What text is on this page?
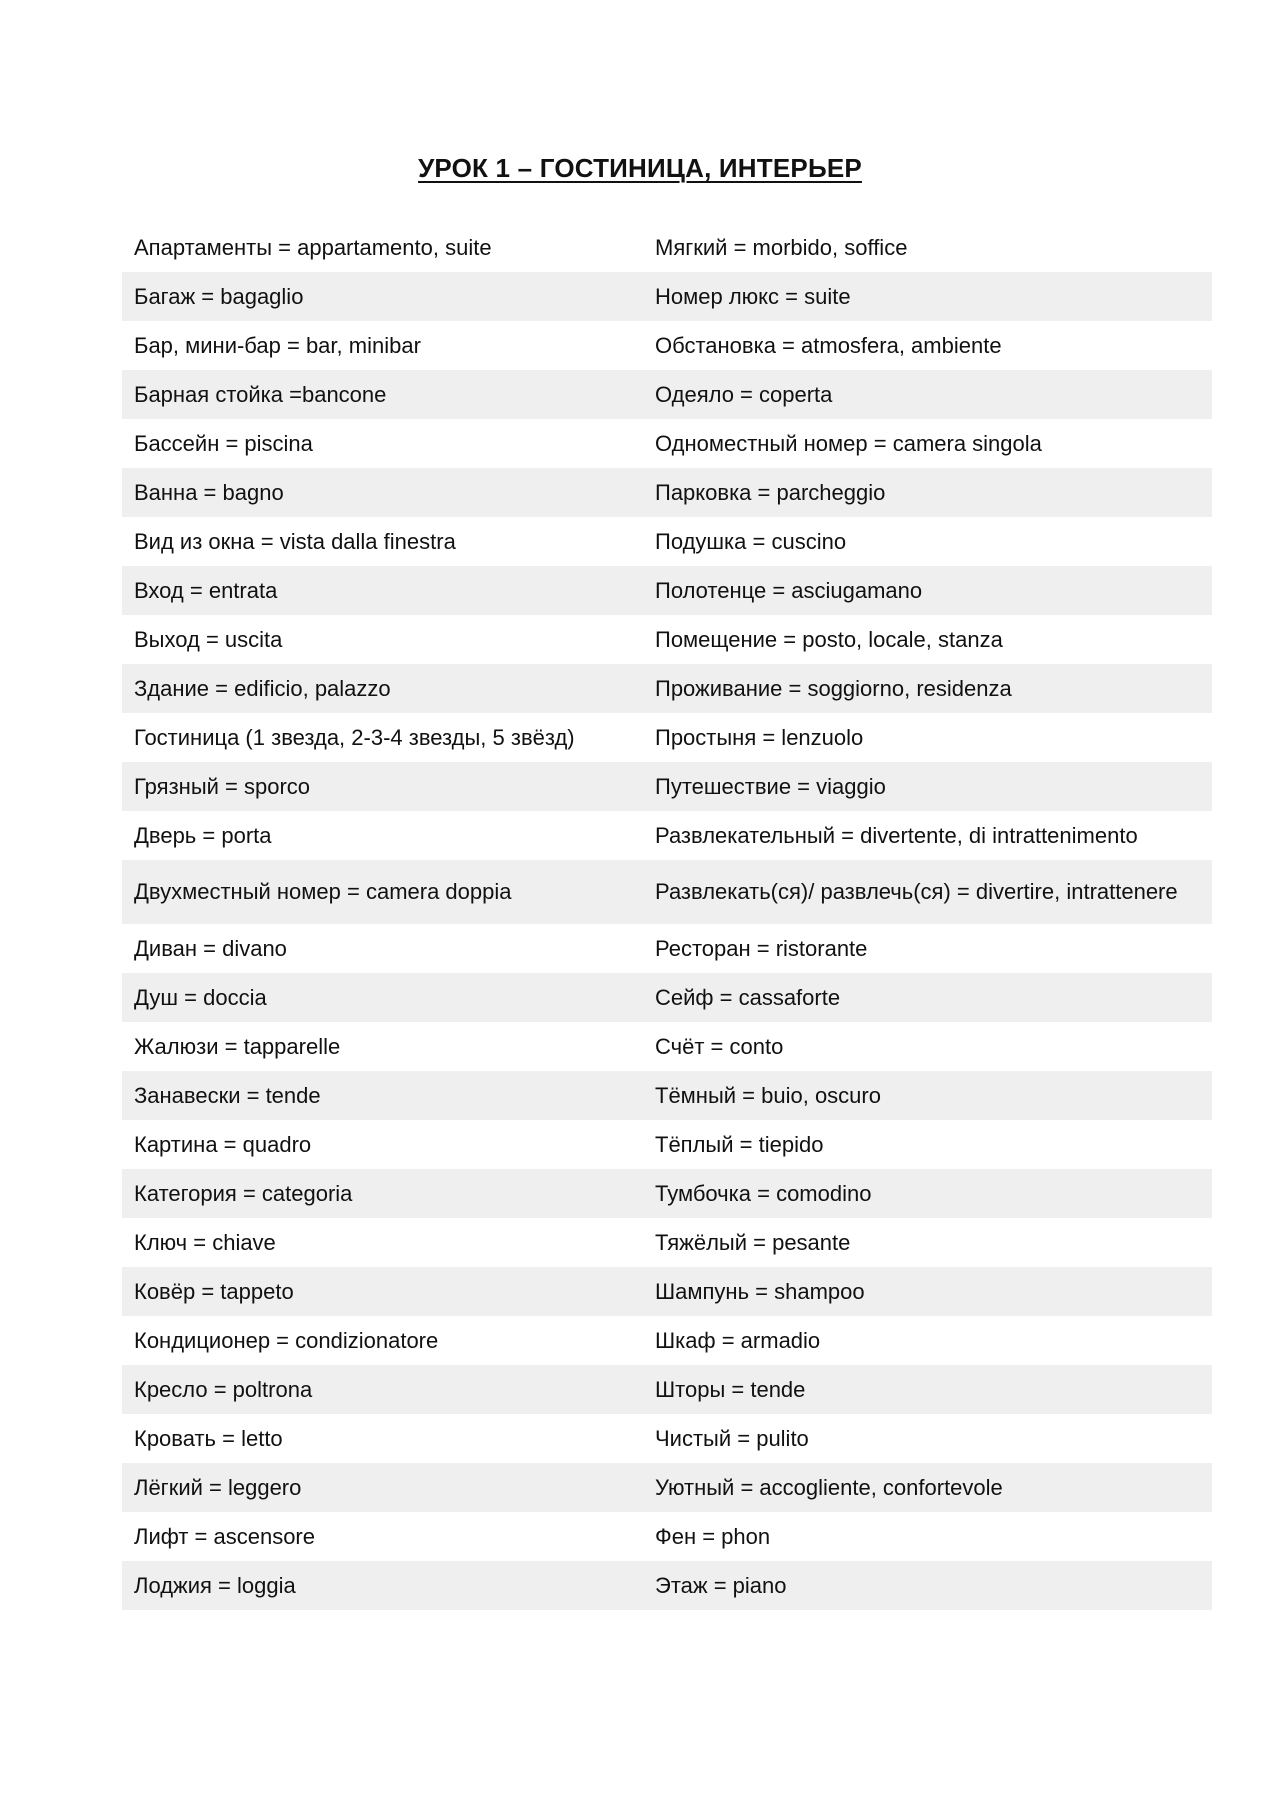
УРОК 1 – ГОСТИНИЦА, ИНТЕРЬЕР
Апартаменты = appartamento, suite	Мягкий = morbido, soffice
Багаж = bagaglio	Номер люкс = suite
Бар, мини-бар = bar, minibar	Обстановка = atmosfera, ambiente
Барная стойка =bancone	Одеяло = coperta
Бассейн = piscina	Одноместный номер = camera singola
Ванна = bagno	Парковка = parcheggio
Вид из окна = vista dalla finestra	Подушка = cuscino
Вход = entrata	Полотенце = asciugamano
Выход = uscita	Помещение = posto, locale, stanza
Здание = edificio, palazzo	Проживание = soggiorno, residenza
Гостиница (1 звезда, 2-3-4 звезды, 5 звёзд)	Простыня = lenzuolo
Грязный = sporco	Путешествие = viaggio
Дверь = porta	Развлекательный = divertente, di intrattenimento
Двухместный номер = camera doppia	Развлекать(ся)/ развлечь(ся) = divertire, intrattenere
Диван = divano	Ресторан = ristorante
Душ = doccia	Сейф = cassaforte
Жалюзи = tapparelle	Счёт = conto
Занавески = tende	Тёмный = buio, oscuro
Картина = quadro	Тёплый = tiepido
Категория = categoria	Тумбочка = comodino
Ключ = chiave	Тяжёлый = pesante
Ковёр = tappeto	Шампунь = shampoo
Кондиционер = condizionatore	Шкаф = armadio
Кресло = poltrona	Шторы = tende
Кровать = letto	Чистый = pulito
Лёгкий = leggero	Уютный = accogliente, confortevole
Лифт = ascensore	Фен = phon
Лоджия = loggia	Этаж = piano
